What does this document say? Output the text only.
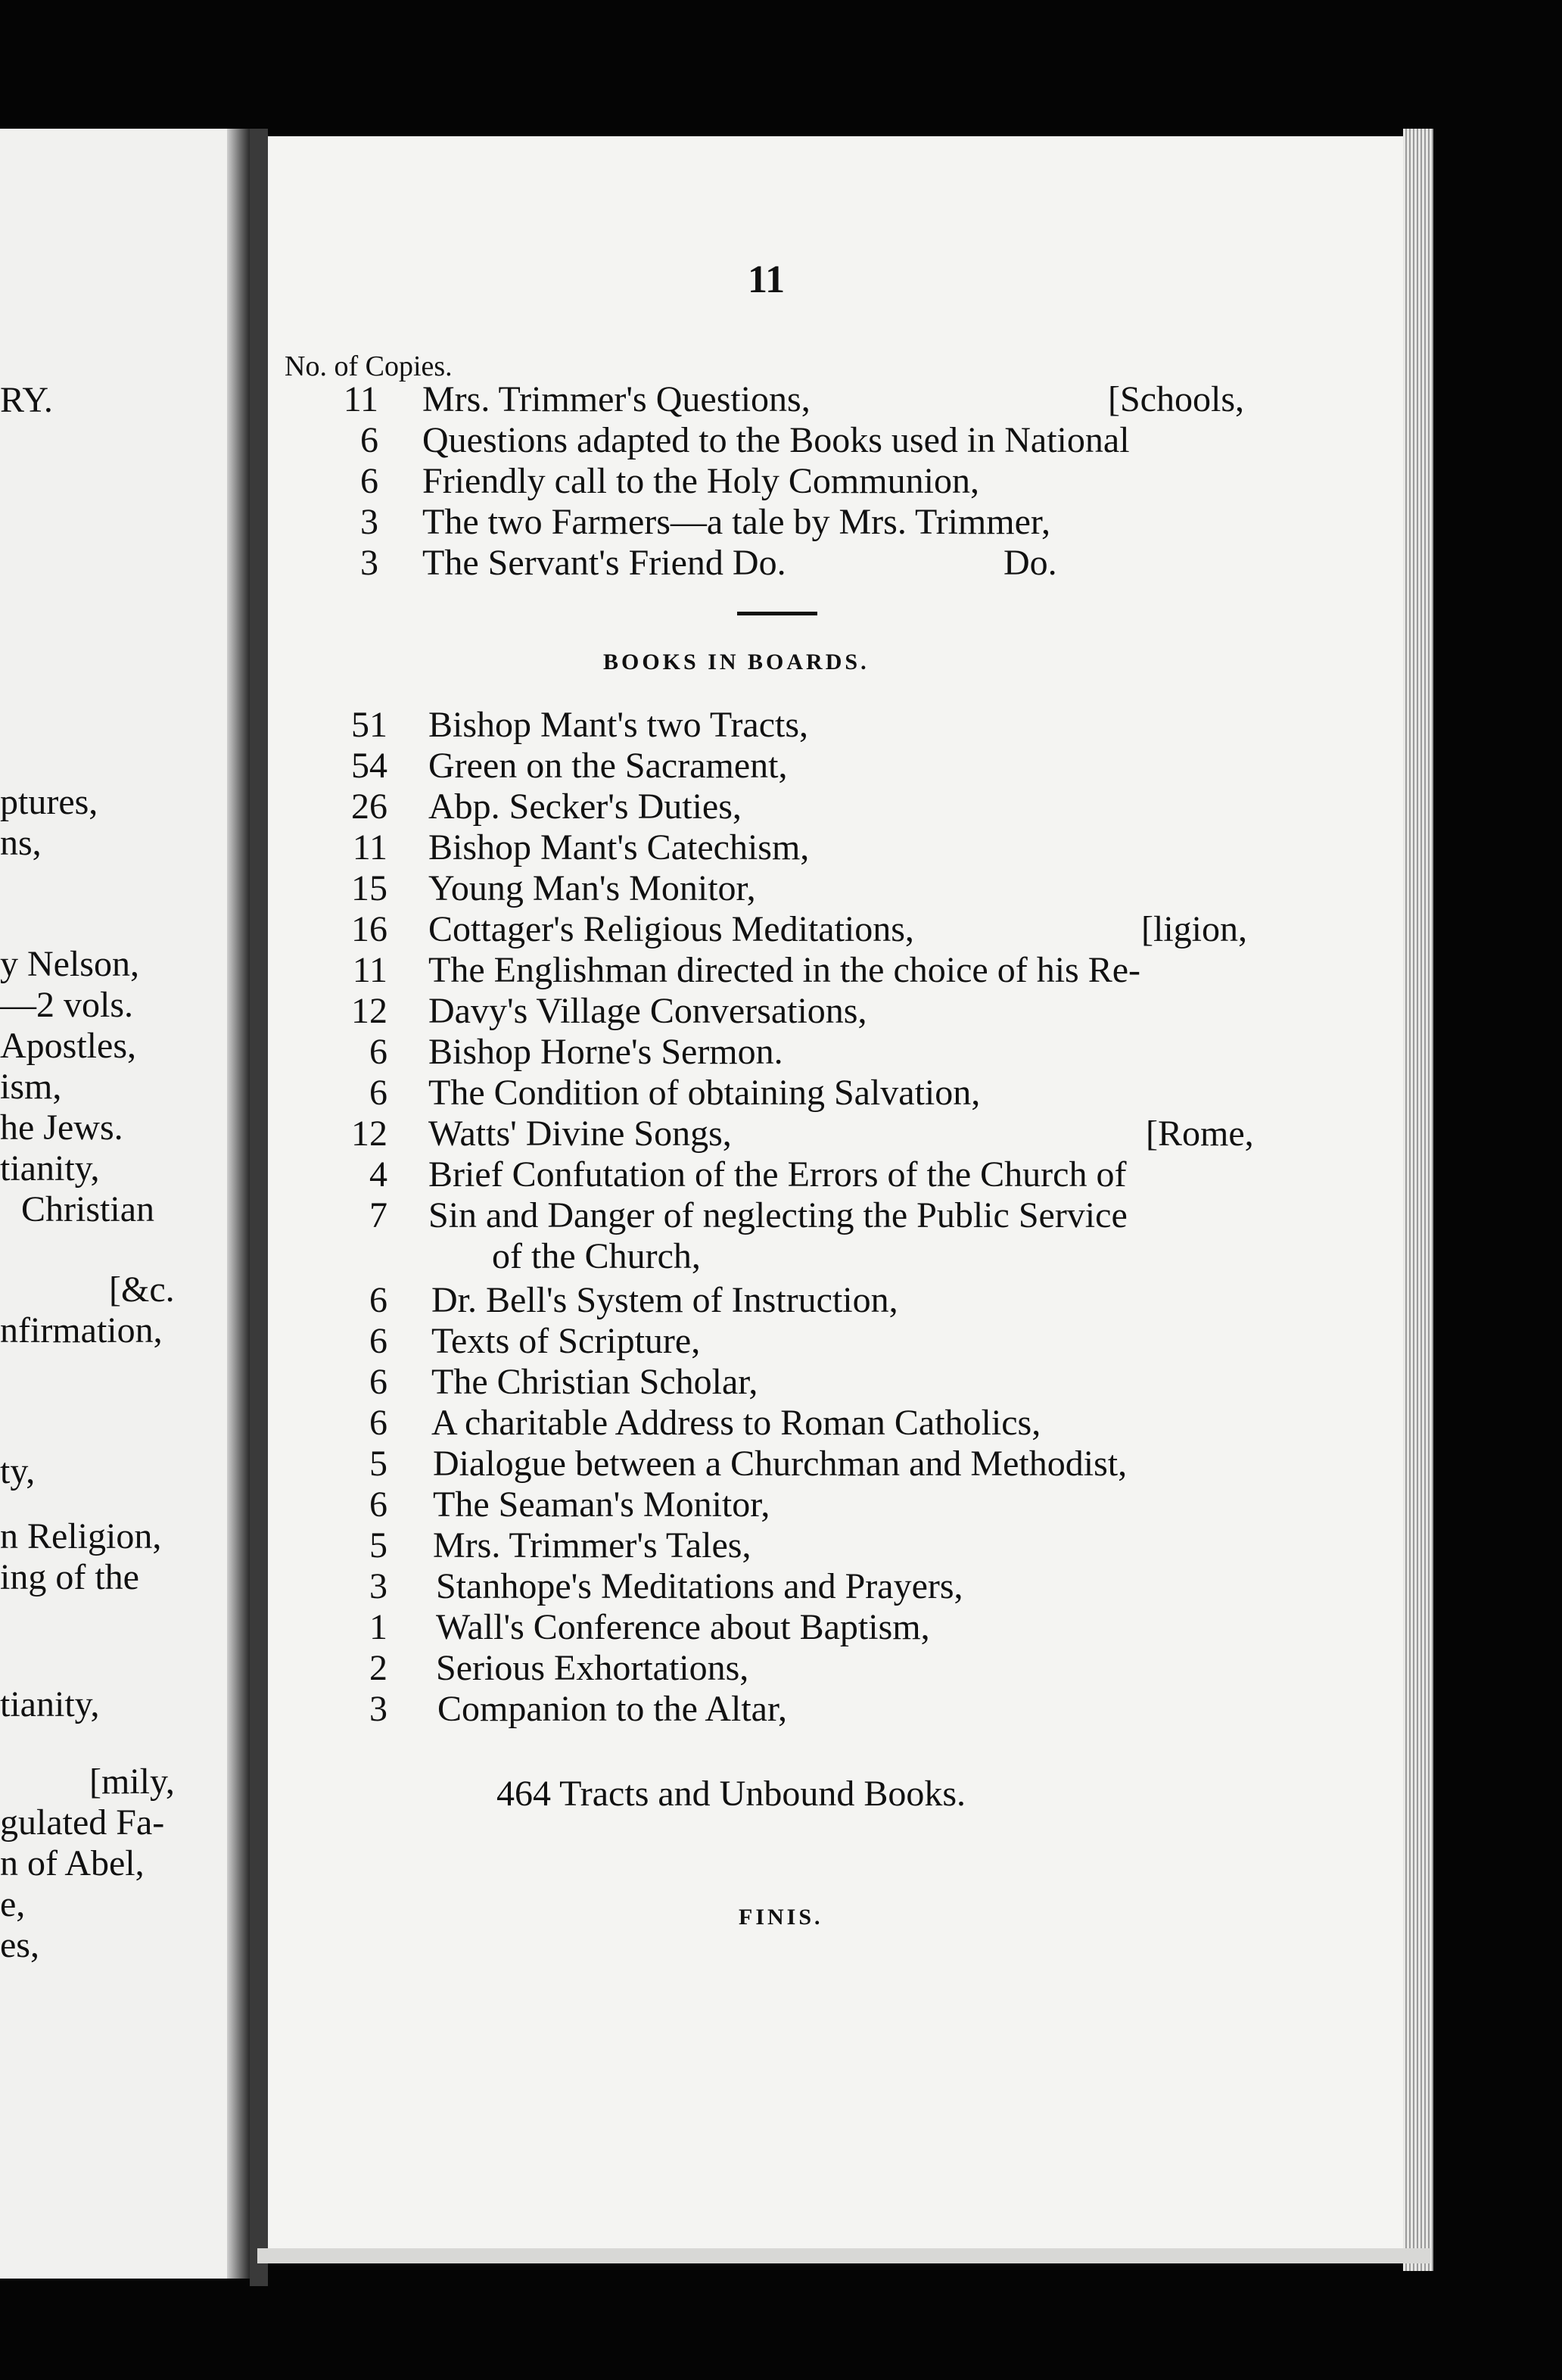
RY.
ptures,
ns,
y Nelson,
—2 vols.
Apostles,
ism,
he Jews.
tianity,
Christian
[&c.
nfirmation,
ty,
n Religion,
ing of the
tianity,
[mily,
gulated Fa-
n of Abel,
e,
es,
11
No. of Copies.
11 Mrs. Trimmer's Questions,	[Schools,
6 Questions adapted to the Books used in National
6 Friendly call to the Holy Communion,
3 The two Farmers—a tale by Mrs. Trimmer,
3 The Servant's Friend Do.	Do.
BOOKS IN BOARDS.
51 Bishop Mant's two Tracts,
54 Green on the Sacrament,
26 Abp. Secker's Duties,
11 Bishop Mant's Catechism,
15 Young Man's Monitor,
16 Cottager's Religious Meditations,	[ligion,
11 The Englishman directed in the choice of his Re-
12 Davy's Village Conversations,
6 Bishop Horne's Sermon.
6 The Condition of obtaining Salvation,
12 Watts' Divine Songs,	[Rome,
4 Brief Confutation of the Errors of the Church of
7 Sin and Danger of neglecting the Public Service
of the Church,
6 Dr. Bell's System of Instruction,
6 Texts of Scripture,
6 The Christian Scholar,
6 A charitable Address to Roman Catholics,
5 Dialogue between a Churchman and Methodist,
6 The Seaman's Monitor,
5 Mrs. Trimmer's Tales,
3 Stanhope's Meditations and Prayers,
1 Wall's Conference about Baptism,
2 Serious Exhortations,
3 Companion to the Altar,
464 Tracts and Unbound Books.
FINIS.
